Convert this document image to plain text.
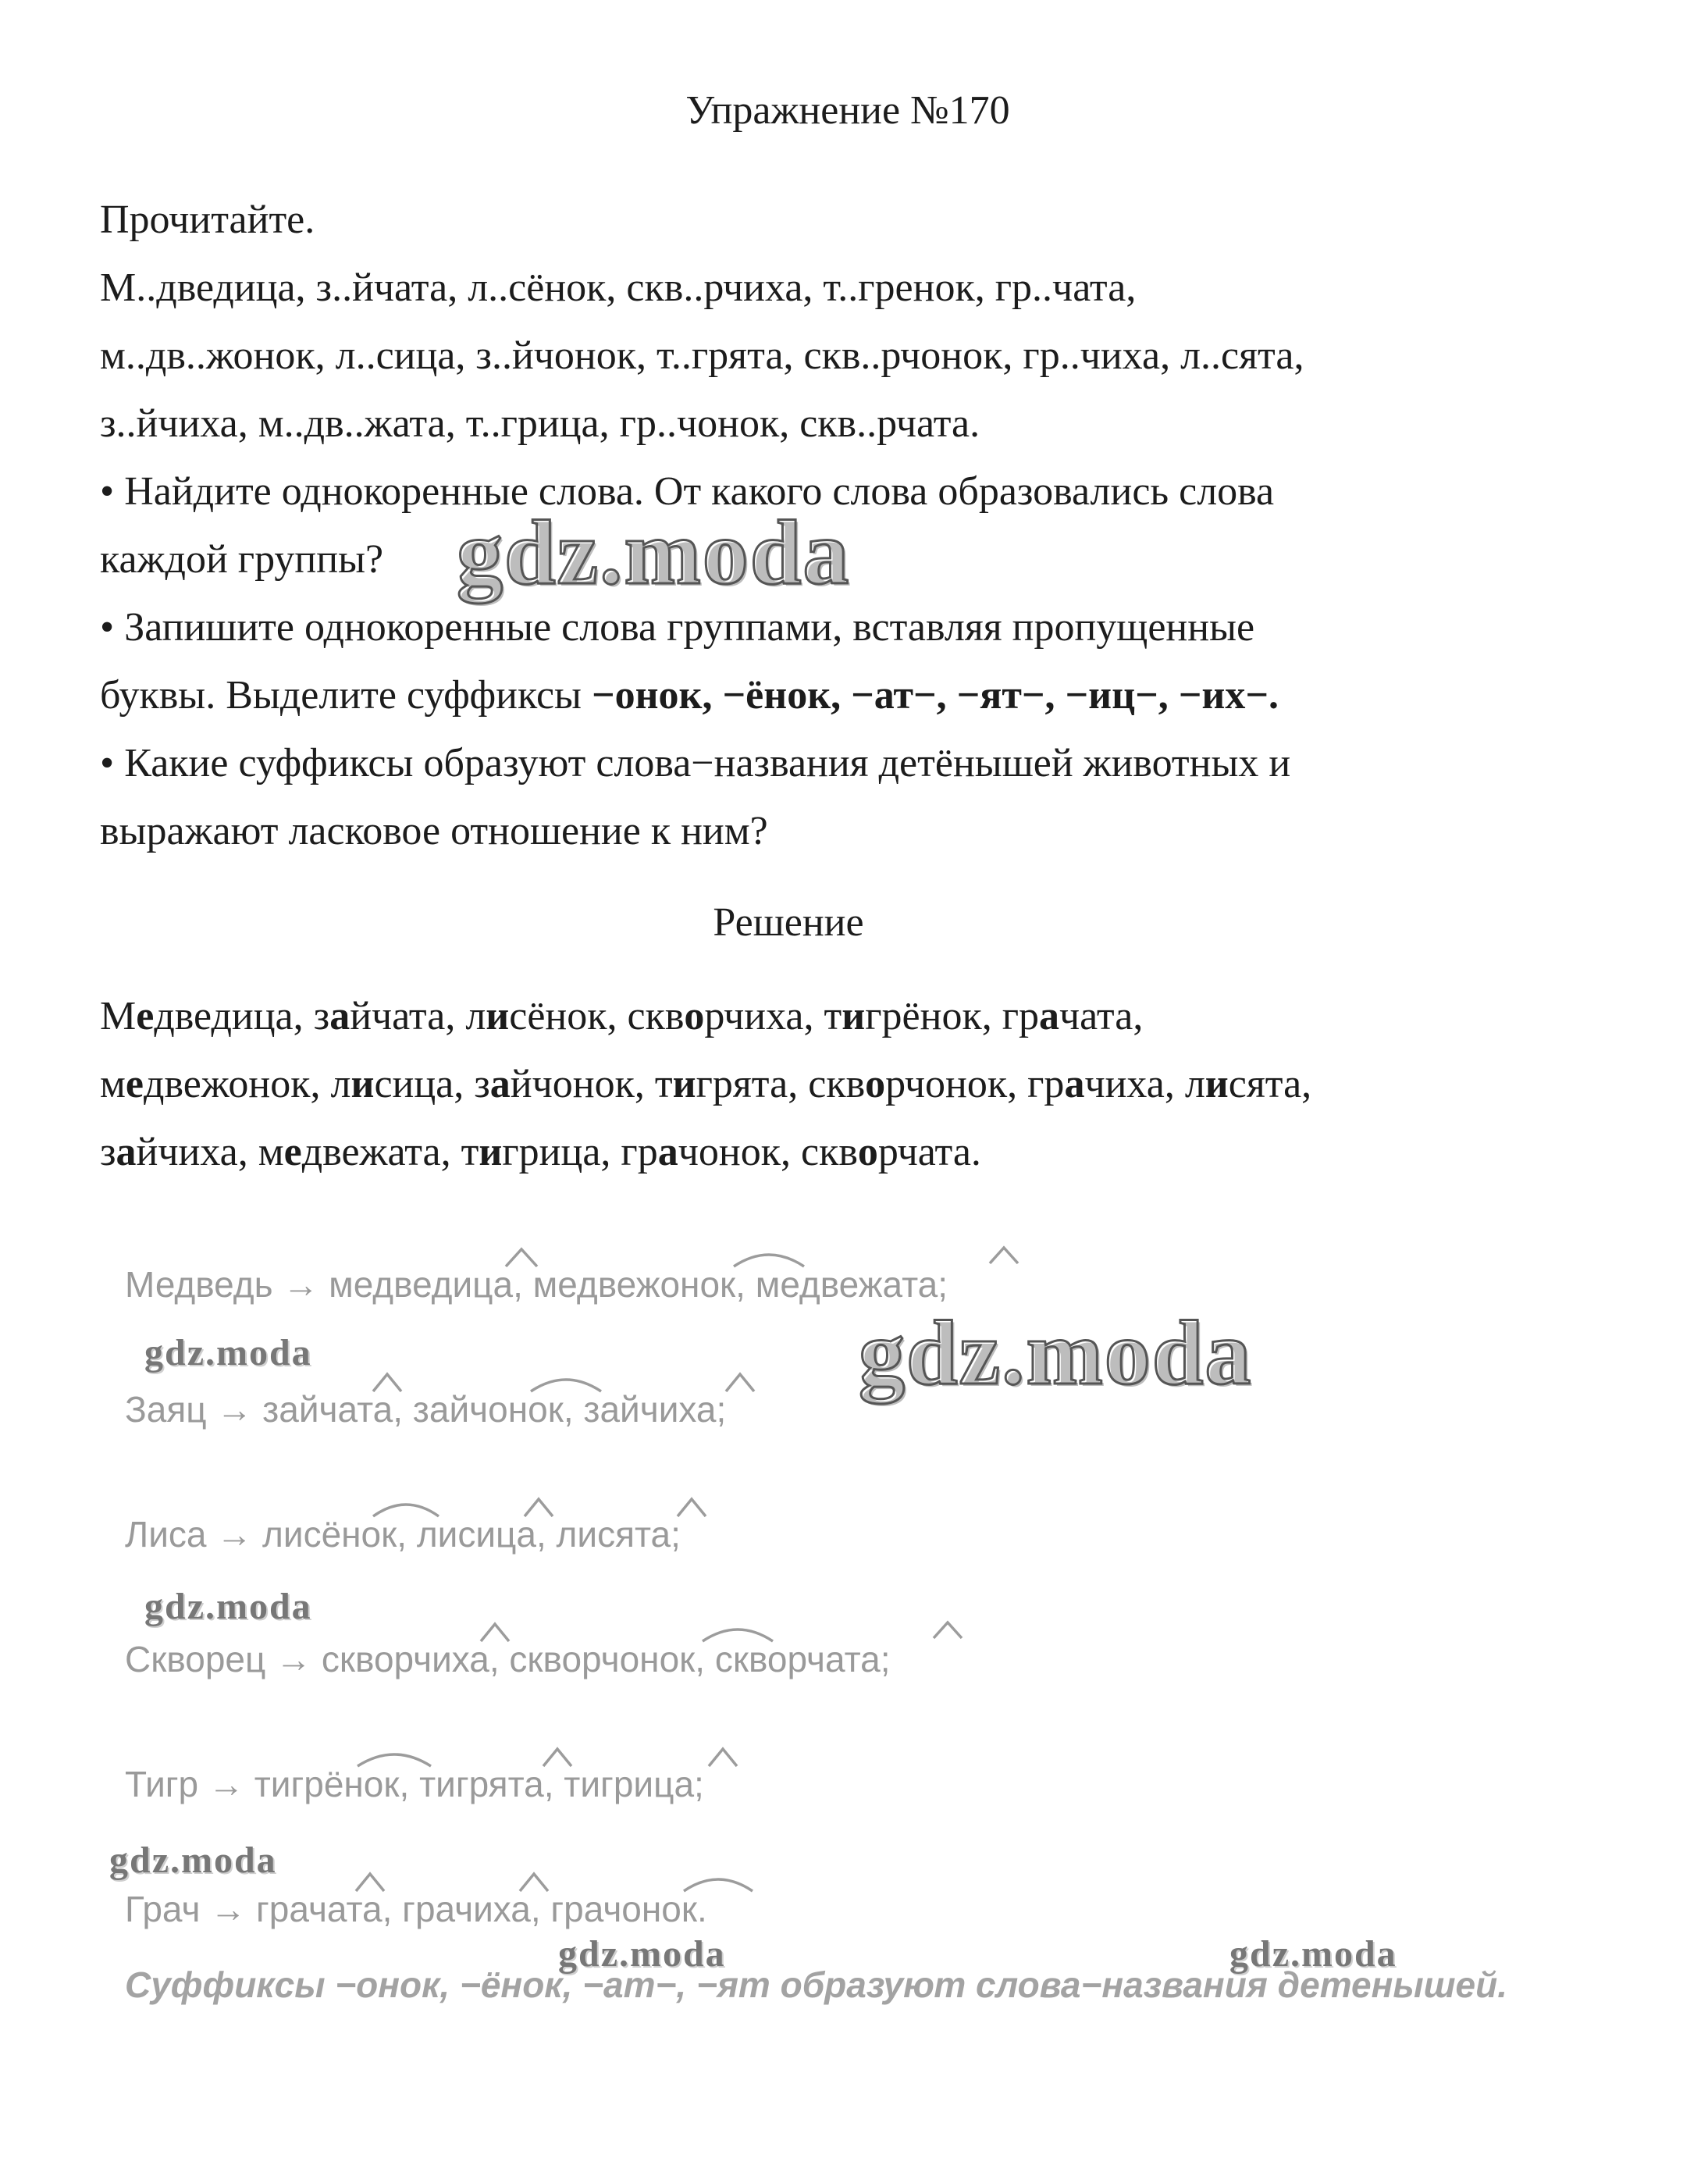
Упражнение №170
Прочитайте.
М..дведица, з..йчата, л..сёнок, скв..рчиха, т..гренок, гр..чата,
м..дв..жонок, л..сица, з..йчонок, т..грята, скв..рчонок, гр..чиха, л..сята,
з..йчиха, м..дв..жата, т..грица, гр..чонок, скв..рчата.
• Найдите однокоренные слова. От какого слова образовались слова
каждой группы?
• Запишите однокоренные слова группами, вставляя пропущенные
буквы. Выделите суффиксы −онок, −ёнок, −ат−, −ят−, −иц−, −их−.
• Какие суффиксы образуют слова−названия детёнышей животных и
выражают ласковое отношение к ним?
Решение
Медведица, зайчата, лисёнок, скворчиха, тигрёнок, грачата,
медвежонок, лисица, зайчонок, тигрята, скворчонок, грачиха, лисята,
зайчиха, медвежата, тигрица, грачонок, скворчата.
Медведь → медведица, медвежонок, медвежата;
Заяц → зайчата, зайчонок, зайчиха;
Лиса → лисёнок, лисица, лисята;
Скворец → скворчиха, скворчонок, скворчата;
Тигр → тигрёнок, тигрята, тигрица;
Грач → грачата, грачиха, грачонок.
Суффиксы −онок, −ёнок, −ат−, −ят образуют слова−названия детенышей.
gdz.moda
gdz.moda
gdz.moda
gdz.moda
gdz.moda
gdz.moda	gdz.moda
